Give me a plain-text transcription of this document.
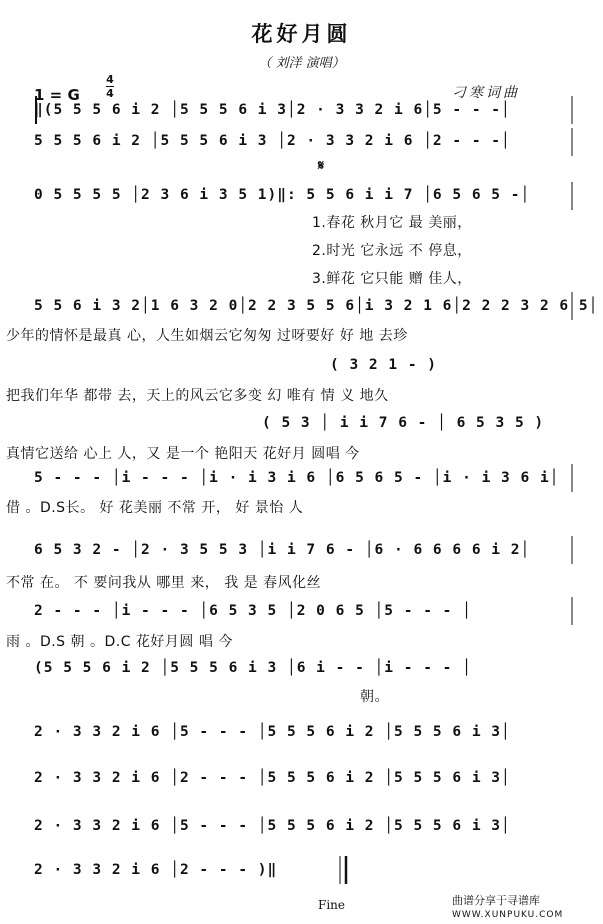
花好月圆
（ 刘洋 演唱）
1 = G
4
4	刁寒词曲
‖(5 5 5 6 i 2 │5 5 5 6 i 3│2 · 3 3 2 i 6│5 - - -│
5 5 5 6 i 2 │5 5 5 6 i 3 │2 · 3 3 2 i 6 │2 - - -│
0 5 5 5 5 │2 3 6 i 3 5 1)‖: 5 5 6 i i 7 │6 5 6 5 -│
5 5 6 i 3 2│1 6 3 2 0│2 2 3 5 5 6│i 3 2 1 6│2 2 2 3 2 6 5│
5 - - - │i - - - │i · i 3 i 6 │6 5 6 5 - │i · i 3 6 i│
6 5 3 2 - │2 · 3 5 5 3 │i i 7 6 - │6 · 6 6 6 6 i 2│
2 - - - │i - - - │6 5 3 5 │2 0 6 5 │5 - - - │
(5 5 5 6 i 2 │5 5 5 6 i 3 │6 i - - │i - - - │
2 · 3 3 2 i 6 │5 - - - │5 5 5 6 i 2 │5 5 5 6 i 3│
2 · 3 3 2 i 6 │2 - - - │5 5 5 6 i 2 │5 5 5 6 i 3│
2 · 3 3 2 i 6 │5 - - - │5 5 5 6 i 2 │5 5 5 6 i 3│
2 · 3 3 2 i 6 │2 - - - )‖
𝄋
1.春花 秋月它 最 美丽，
2.时光 它永远 不 停息，
3.鲜花 它只能 赠 佳人，
少年的情怀是最真 心，人生如烟云它匆匆 过呀要好 好 地 去珍
把我们年华 都带 去，天上的风云它多变 幻 唯有 情 义 地久
真情它送给 心上 人，又 是一个 艳阳天 花好月 圆唱 今
借 。D.S长。 好 花美丽 不常 开， 好 景怡 人
不常 在。 不 要问我从 哪里 来， 我 是 春风化丝
雨 。D.S 朝 。D.C 花好月圆 唱 今
朝。
( 3 2 1 - )
( 5 3 │ i i 7 6 - │ 6 5 3 5 )
Fine	曲谱分享于寻谱库
WWW.XUNPUKU.COM
